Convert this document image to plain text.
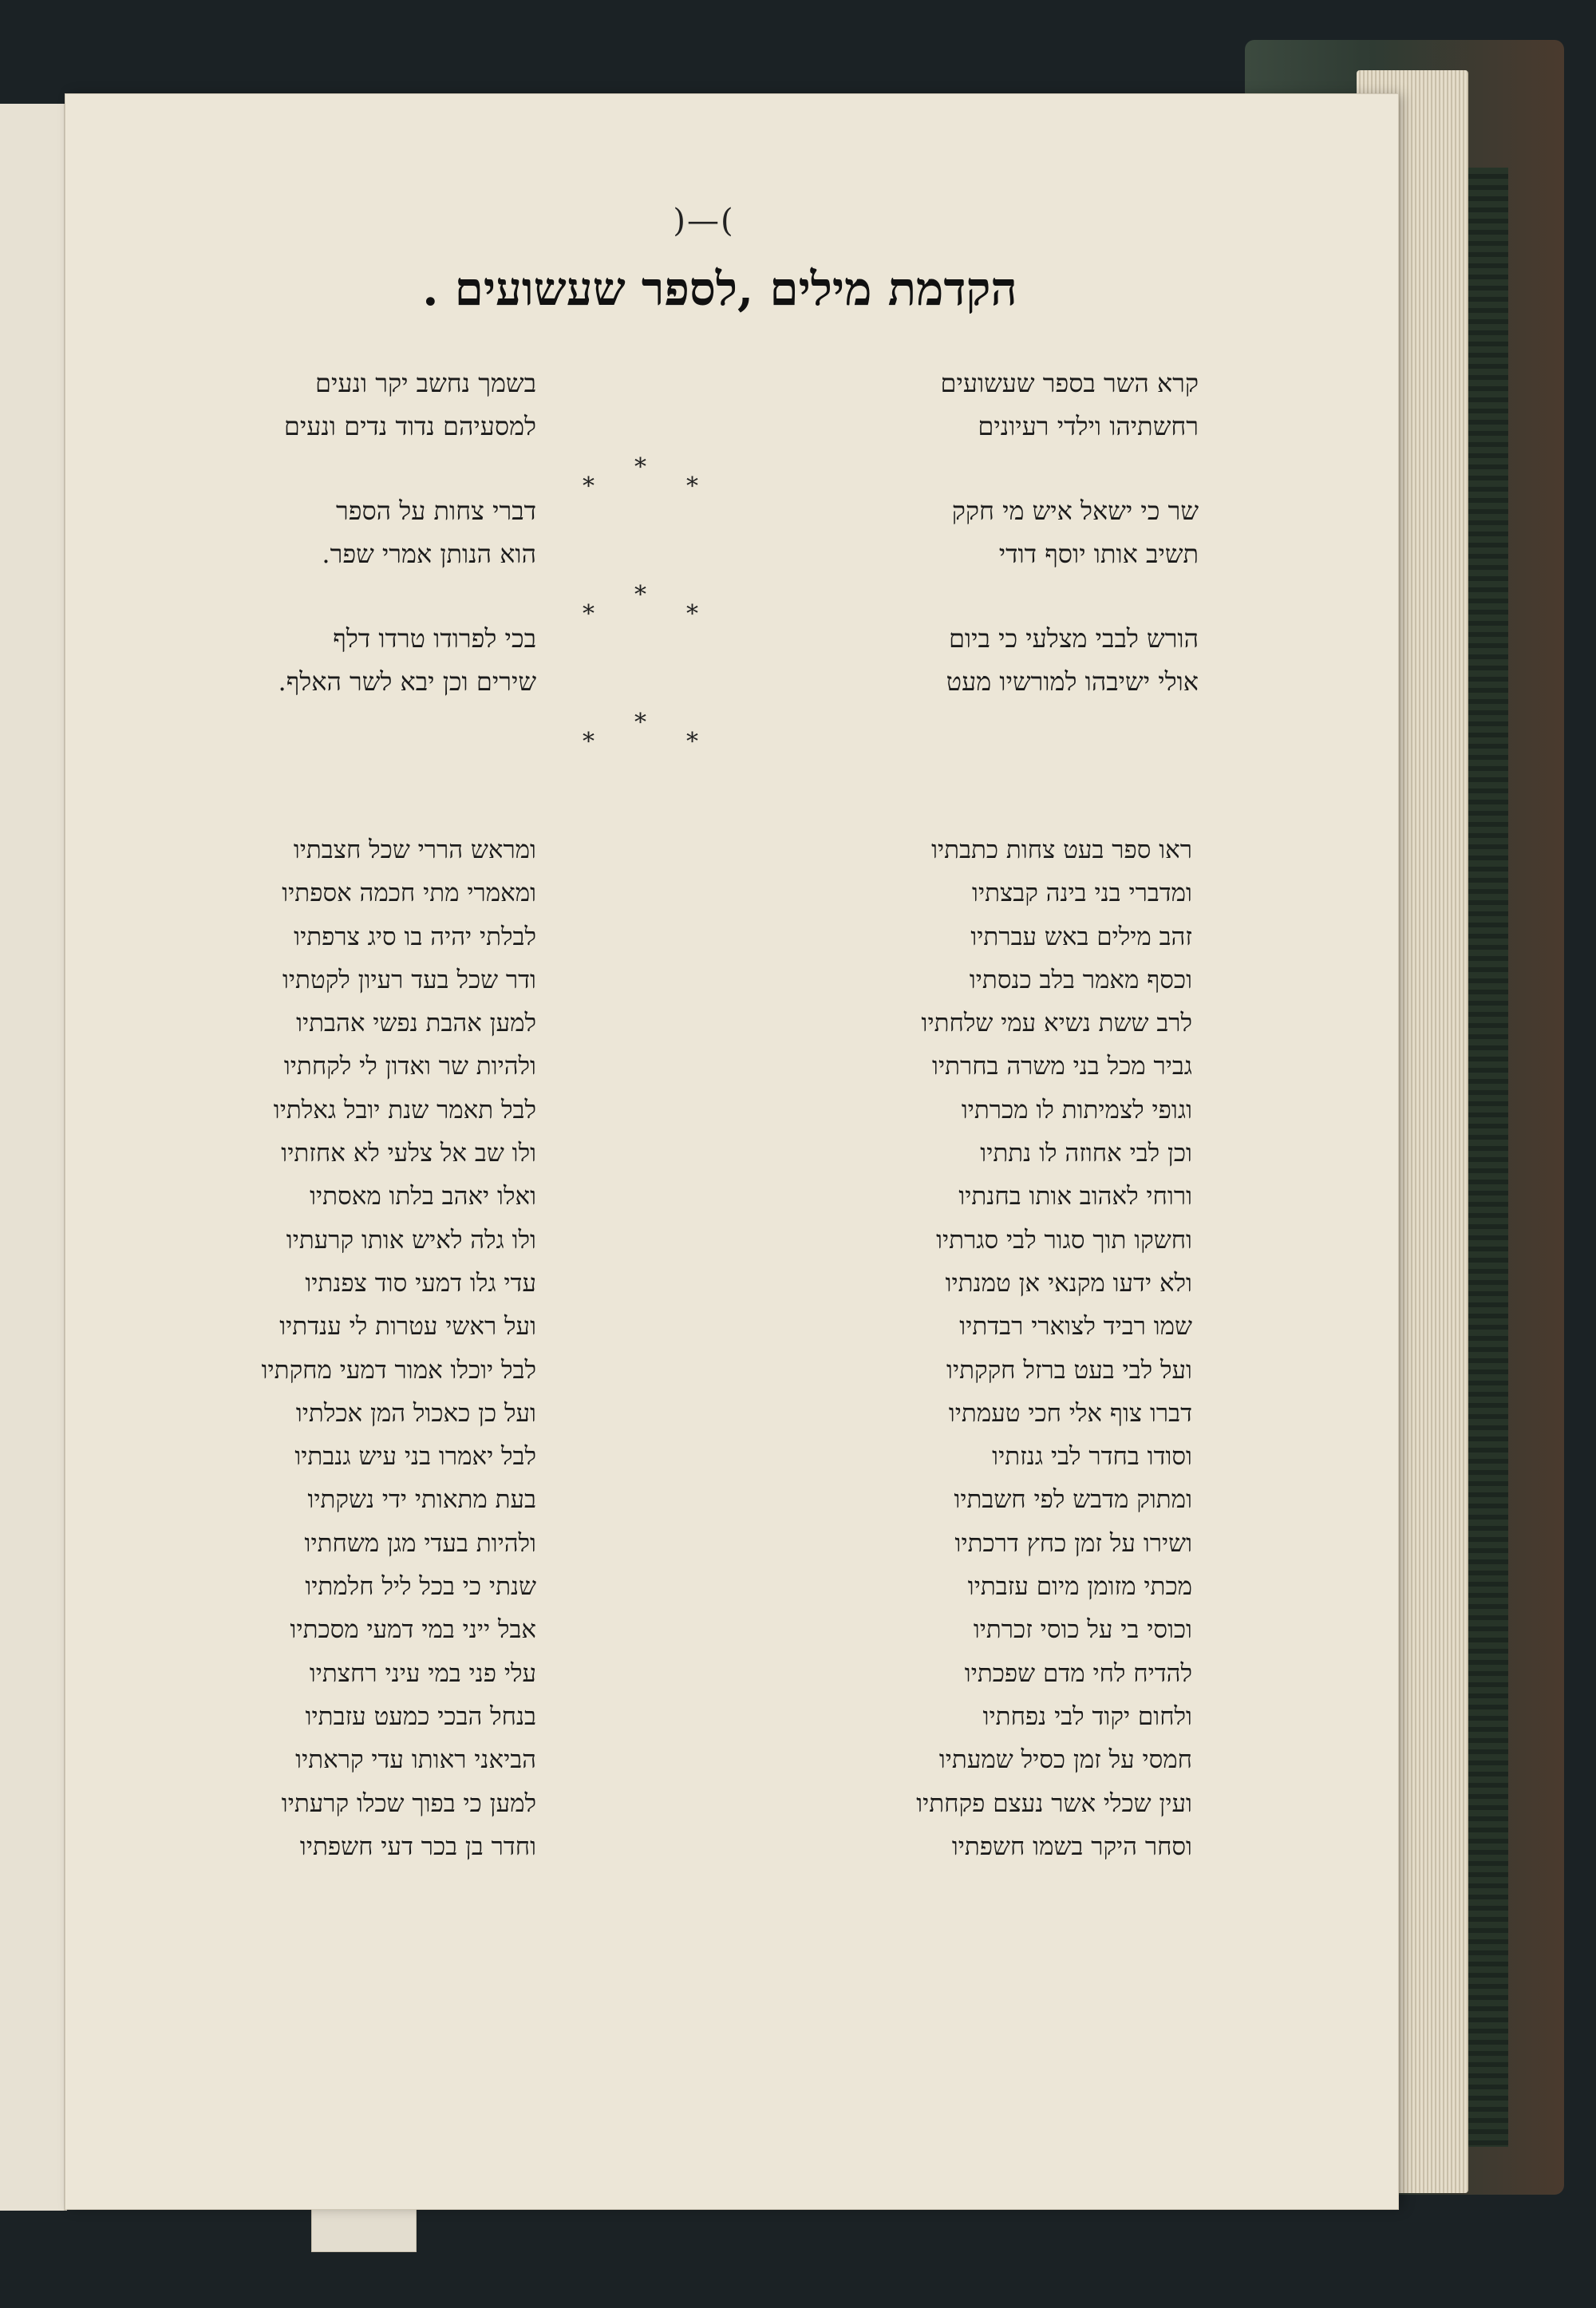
)—(
הקדמת מילים ,לספר שעשועים .
קרא השר בספר שעשועים
רחשתיהו וילדי רעיונים
שר כי ישאל איש מי חקק
תשיב אותו יוסף דודי
הורש לבבי מצלעי כי ביום
אולי ישיבהו למורשיו מעט
בשמך נחשב יקר ונעים
למסעיהם נדוד נדים ונעים
דברי צחות על הספר
הוא הנותן אמרי שפר.
בכי לפרודו טרדו דלף
שירים וכן יבא לשר האלף.
*
*
*
*
*
*
*
*
*
ראו ספר בעט צחות כתבתיו
ומדברי בני בינה קבצתיו
זהב מילים באש עברתיו
וכסף מאמר בלב כנסתיו
לרב ששת נשיא עמי שלחתיו
גביר מכל בני משרה בחרתיו
וגופי לצמיתות לו מכרתיו
וכן לבי אחוזה לו נתתיו
ורוחי לאהוב אותו בחנתיו
וחשקו תוך סגור לבי סגרתיו
ולא ידעו מקנאי אן טמנתיו
שמו רביד לצוארי רבדתיו
ועל לבי בעט ברזל חקקתיו
דברו צוף אלי חכי טעמתיו
וסודו בחדר לבי גנזתיו
ומתוק מדבש לפי חשבתיו
ושירו על זמן כחץ דרכתיו
מכתי מזומן מיום עזבתיו
וכוסי בי על כוסי זכרתיו
להדיח לחי מדם שפכתיו
ולחום יקוד לבי נפחתיו
חמסי על זמן כסיל שמעתיו
ועין שכלי אשר נעצם פקחתיו
וסחר היקר בשמו חשפתיו
ומראש הררי שכל חצבתיו
ומאמרי מתי חכמה אספתיו
לבלתי יהיה בו סיג צרפתיו
ודר שכל בעד רעיון לקטתיו
למען אהבת נפשי אהבתיו
ולהיות שר ואדון לי לקחתיו
לבל תאמר שנת יובל גאלתיו
ולו שב אל צלעי לא אחזתיו
ואלו יאהב בלתו מאסתיו
ולו גלה לאיש אותו קרעתיו
עדי גלו דמעי סוד צפנתיו
ועל ראשי עטרות לי ענדתיו
לבל יוכלו אמור דמעי מחקתיו
ועל כן כאכול המן אכלתיו
לבל יאמרו בני עיש גנבתיו
בעת מתאותי ידי נשקתיו
ולהיות בעדי מגן משחתיו
שנתי כי בכל ליל חלמתיו
אבל ייני במי דמעי מסכתיו
עלי פני במי עיני רחצתיו
בנחל הבכי כמעט עזבתיו
הביאני ראותו עדי קראתיו
למען כי בפוך שכלו קרעתיו
וחדר בן בכר דעי חשפתיו
